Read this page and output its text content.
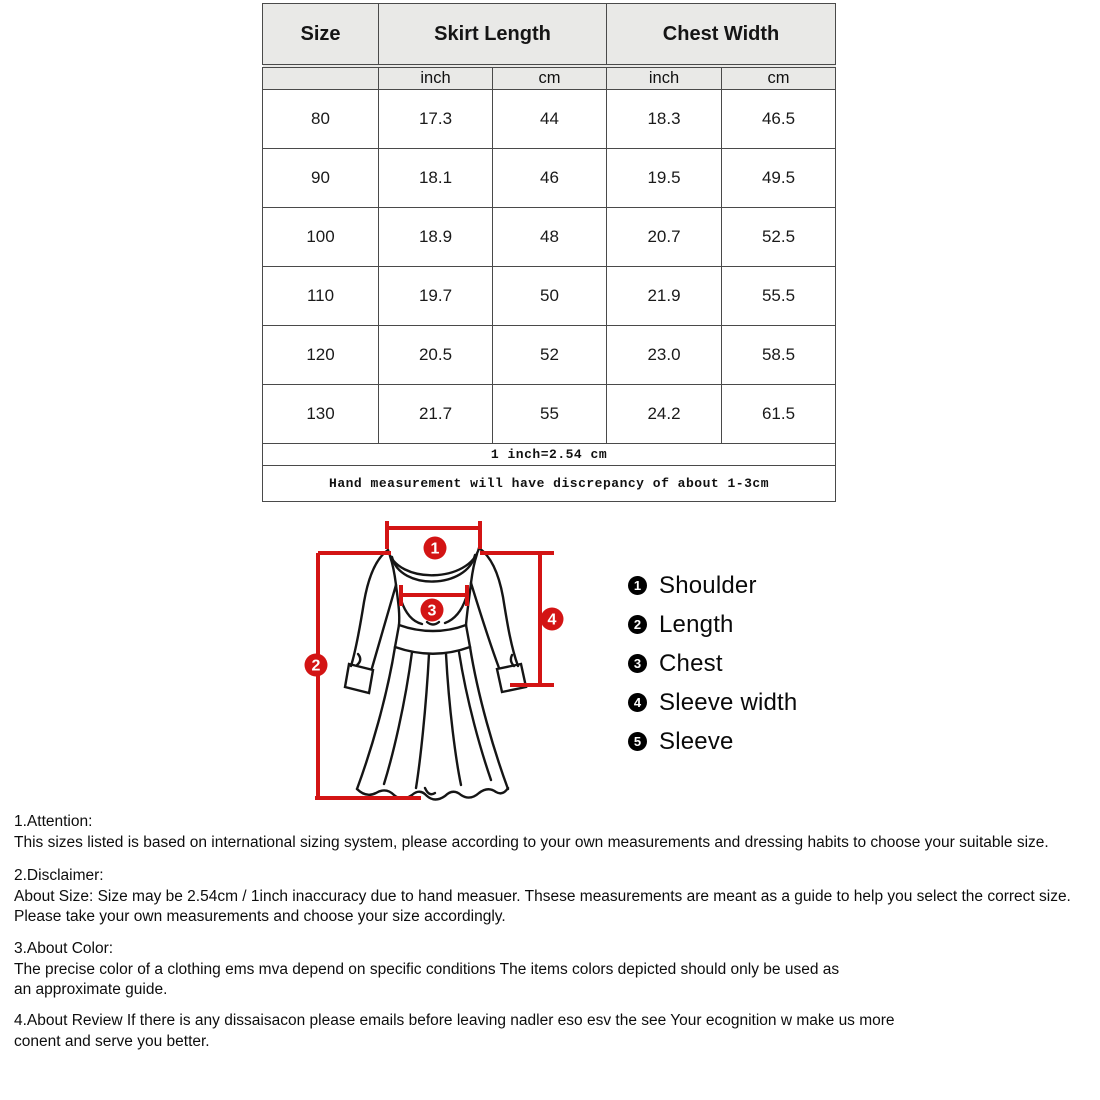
Size	Skirt Length		Chest Width	
	inch	cm	inch	cm
80	17.3	44	18.3	46.5
90	18.1	46	19.5	49.5
100	18.9	48	20.7	52.5
110	19.7	50	21.9	55.5
120	20.5	52	23.0	58.5
130	21.7	55	24.2	61.5
1 inch=2.54 cm				
Hand measurement will have discrepancy of about 1-3cm				
1
2
3
4
1 Shoulder
2 Length
3 Chest
4 Sleeve width
5 Sleeve
1.Attention:
This sizes listed is based on international sizing system, please according to your own measurements and dressing habits to choose your suitable size.
2.Disclaimer:
About Size: Size may be 2.54cm / 1inch inaccuracy due to hand measuer. Thsese measurements are meant as a guide to help you select the correct size.
Please take your own measurements and choose your size accordingly.
3.About Color:
The precise color of a clothing ems mva depend on specific conditions The items colors depicted should only be used as
an approximate guide.
4.About Review If there is any dissaisacon please emails before leaving nadler eso esv the see Your ecognition w make us more
conent and serve you better.
